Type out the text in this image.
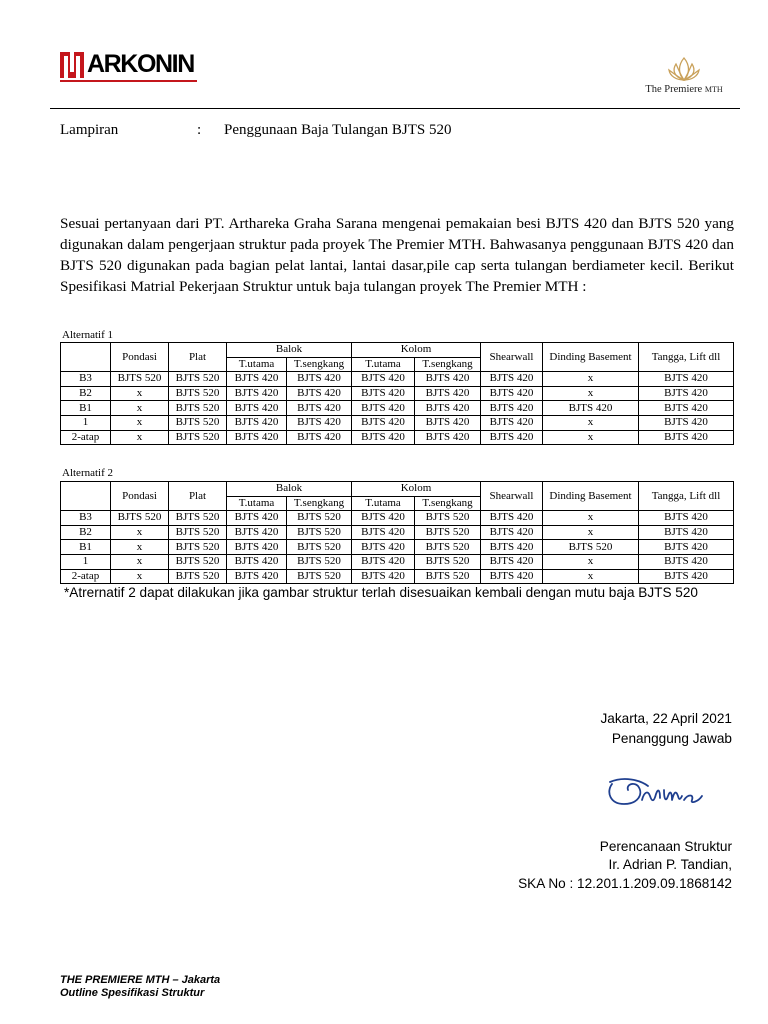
ARKONIN
The Premiere MTH
Lampiran	: Penggunaan Baja Tulangan BJTS 520
Sesuai pertanyaan dari PT. Arthareka Graha Sarana mengenai pemakaian besi BJTS 420 dan BJTS 520 yang digunakan dalam pengerjaan struktur pada proyek The Premier MTH. Bahwasanya penggunaan BJTS 420 dan BJTS 520 digunakan pada bagian pelat lantai, lantai dasar,pile cap serta tulangan berdiameter kecil. Berikut Spesifikasi Matrial Pekerjaan Struktur untuk baja tulangan proyek The Premier MTH :
Alternatif 1
	Pondasi	Plat	Balok		Kolom		Shearwall	Dinding Basement	Tangga, Lift dll
			T.utama	T.sengkang	T.utama	T.sengkang			
B3	BJTS 520	BJTS 520	BJTS 420	BJTS 420	BJTS 420	BJTS 420	BJTS 420	x	BJTS 420
B2	x	BJTS 520	BJTS 420	BJTS 420	BJTS 420	BJTS 420	BJTS 420	x	BJTS 420
B1	x	BJTS 520	BJTS 420	BJTS 420	BJTS 420	BJTS 420	BJTS 420	BJTS 420	BJTS 420
1	x	BJTS 520	BJTS 420	BJTS 420	BJTS 420	BJTS 420	BJTS 420	x	BJTS 420
2-atap	x	BJTS 520	BJTS 420	BJTS 420	BJTS 420	BJTS 420	BJTS 420	x	BJTS 420
Alternatif 2
	Pondasi	Plat	Balok		Kolom		Shearwall	Dinding Basement	Tangga, Lift dll
			T.utama	T.sengkang	T.utama	T.sengkang			
B3	BJTS 520	BJTS 520	BJTS 420	BJTS 520	BJTS 420	BJTS 520	BJTS 420	x	BJTS 420
B2	x	BJTS 520	BJTS 420	BJTS 520	BJTS 420	BJTS 520	BJTS 420	x	BJTS 420
B1	x	BJTS 520	BJTS 420	BJTS 520	BJTS 420	BJTS 520	BJTS 420	BJTS 520	BJTS 420
1	x	BJTS 520	BJTS 420	BJTS 520	BJTS 420	BJTS 520	BJTS 420	x	BJTS 420
2-atap	x	BJTS 520	BJTS 420	BJTS 520	BJTS 420	BJTS 520	BJTS 420	x	BJTS 420
*Atrernatif 2 dapat dilakukan jika gambar struktur terlah disesuaikan kembali dengan mutu baja BJTS 520
Jakarta, 22 April 2021
Penanggung Jawab
Perencanaan Struktur
Ir. Adrian P. Tandian,
SKA No : 12.201.1.209.09.1868142
THE PREMIERE MTH – Jakarta
Outline Spesifikasi Struktur
